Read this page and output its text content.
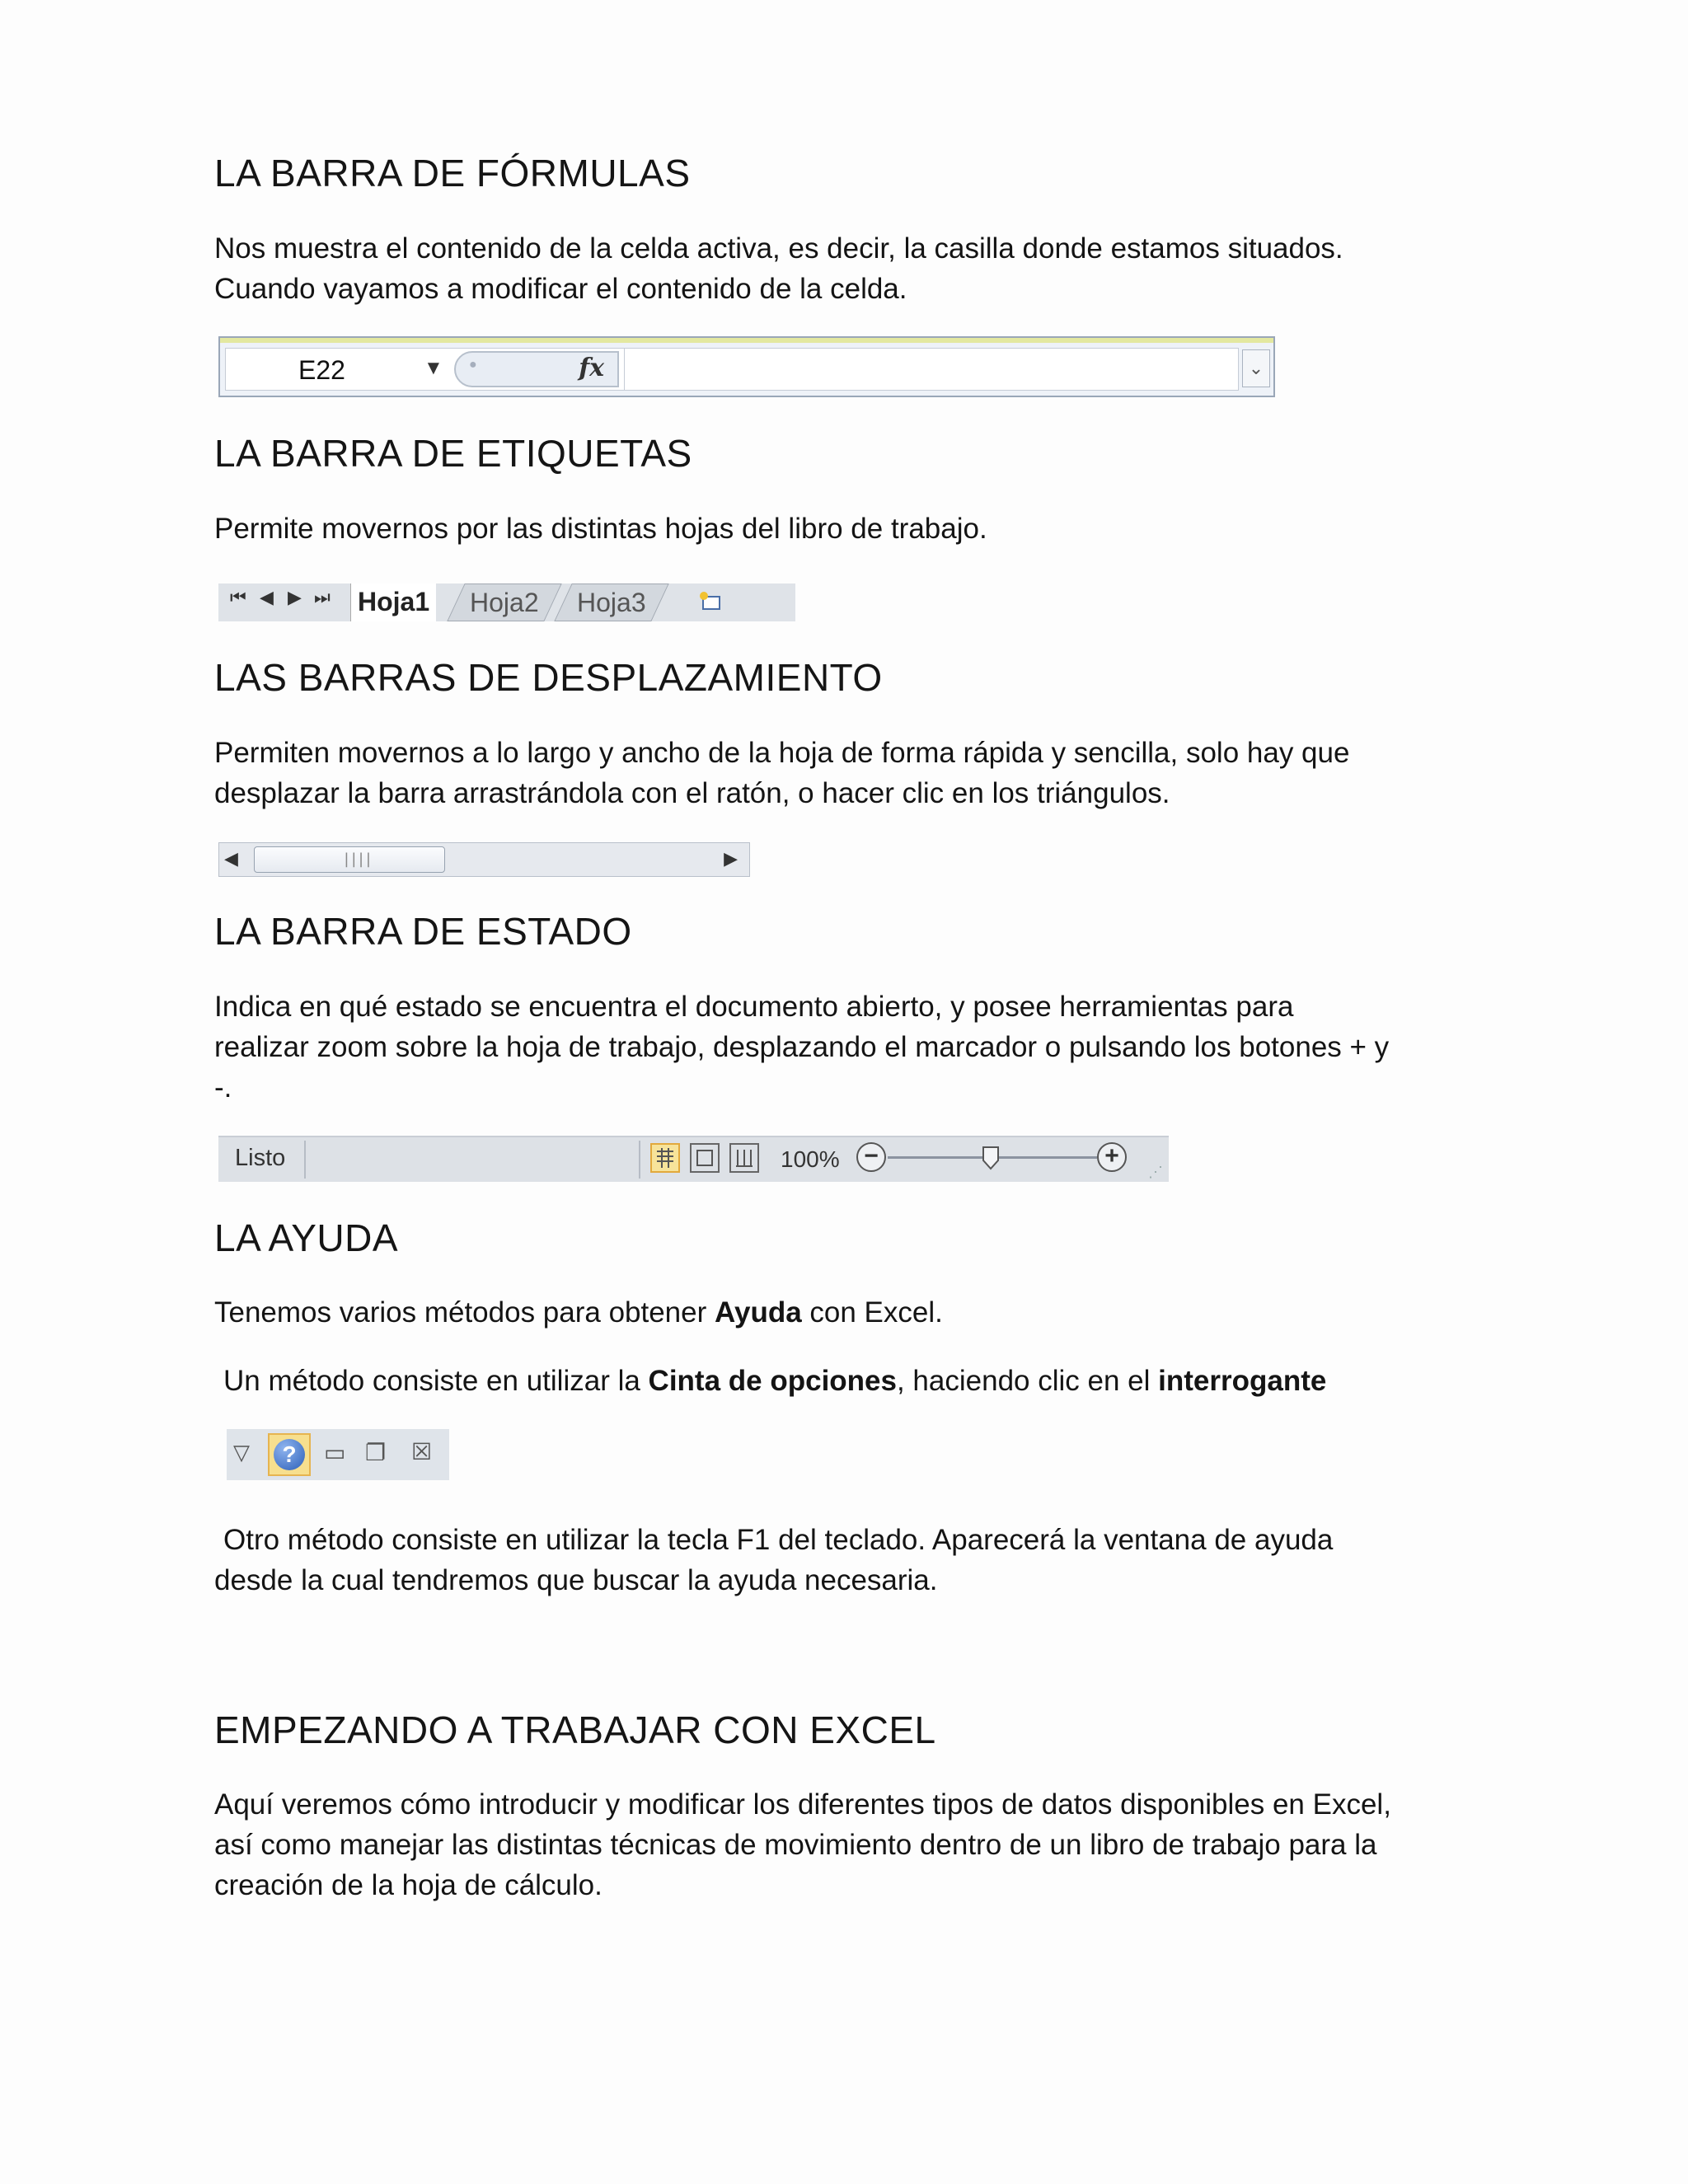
LA BARRA DE FÓRMULAS

Nos muestra el contenido de la celda activa, es decir, la casilla donde estamos situados.

Cuando vayamos a modificar el contenido de la celda.

E22	▼ ●	fx	⌄
LA BARRA DE ETIQUETAS

Permite movernos por las distintas hojas del libro de trabajo.

⏮ ◀ ▶ ⏭ Hoja1	Hoja2	Hoja3
LAS BARRAS DE DESPLAZAMIENTO

Permiten movernos a lo largo y ancho de la hoja de forma rápida y sencilla, solo hay que

desplazar la barra arrastrándola con el ratón, o hacer clic en los triángulos.

◀	||||	▶
LA BARRA DE ESTADO

Indica en qué estado se encuentra el documento abierto, y posee herramientas para

realizar zoom sobre la hoja de trabajo, desplazando el marcador o pulsando los botones + y

-.

Listo	100% −	+
⋰
LA AYUDA

Tenemos varios métodos para obtener Ayuda con Excel.

Un método consiste en utilizar la Cinta de opciones, haciendo clic en el interrogante

▽	?	▭ ❐ ☒

Otro método consiste en utilizar la tecla F1 del teclado. Aparecerá la ventana de ayuda

desde la cual tendremos que buscar la ayuda necesaria.

EMPEZANDO A TRABAJAR CON EXCEL

Aquí veremos cómo introducir y modificar los diferentes tipos de datos disponibles en Excel,

así como manejar las distintas técnicas de movimiento dentro de un libro de trabajo para la

creación de la hoja de cálculo.
